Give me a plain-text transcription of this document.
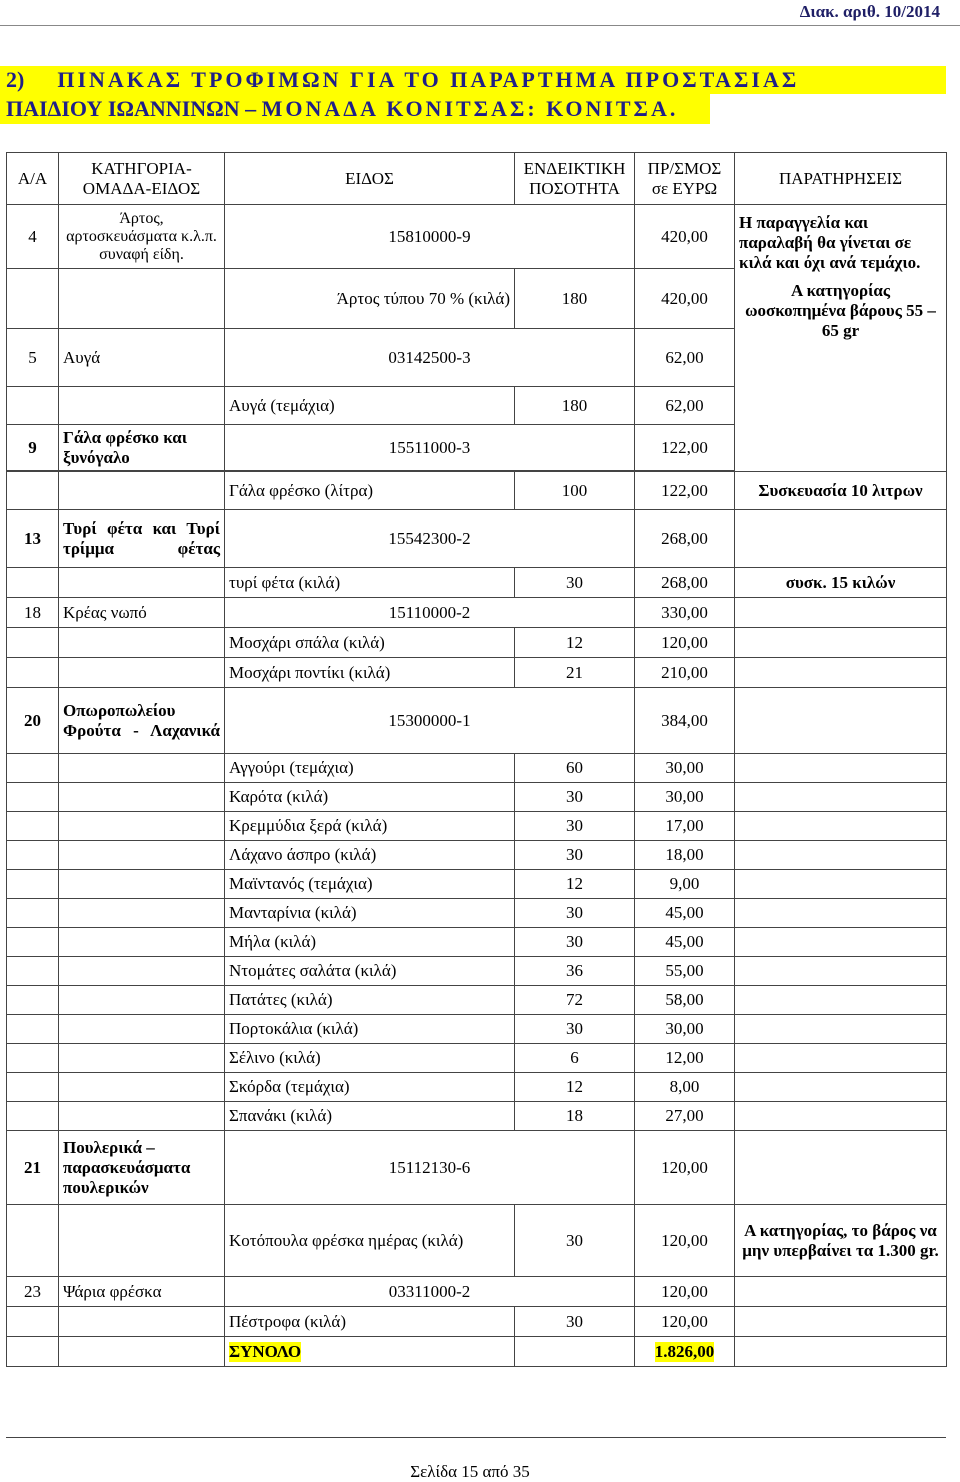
Διακ. αριθ. 10/2014
2) ΠΙΝΑΚΑΣ ΤΡΟΦΙΜΩΝ ΓΙΑ ΤΟ ΠΑΡΑΡΤΗΜΑ ΠΡΟΣΤΑΣΙΑΣ
ΠΑΙΔΙΟΥ ΙΩΑΝΝΙΝΩΝ – ΜΟΝΑΔΑ ΚΟΝΙΤΣΑΣ: ΚΟΝΙΤΣΑ.
Α/Α	ΚΑΤΗΓΟΡΙΑ-ΟΜΑΔΑ-ΕΙΔΟΣ	ΕΙΔΟΣ	ΕΝΔΕΙΚΤΙΚΗ ΠΟΣΟΤΗΤΑ	ΠΡ/ΣΜΟΣ σε ΕΥΡΩ	ΠΑΡΑΤΗΡΗΣΕΙΣ
4	Άρτος, αρτοσκευάσματα κ.λ.π. συναφή είδη.	15810000-9		420,00	Η παραγγελία και παραλαβή θα γίνεται σε κιλά και όχι ανά τεμάχιο.
Α κατηγορίας ωοσκοπημένα βάρους 55 – 65 gr

		Άρτος τύπου 70 % (κιλά)	180	420,00	
5	Αυγά	03142500-3		62,00	
		Αυγά (τεμάχια)	180	62,00	
9	Γάλα φρέσκο και ξυνόγαλο	15511000-3		122,00	

		Γάλα φρέσκο (λίτρα)	100	122,00	Συσκευασία 10 λιτρων
13	Τυρί φέτα και Τυρί τρίμμα φέτας	15542300-2		268,00	
		τυρί φέτα (κιλά)	30	268,00	συσκ. 15 κιλών
18	Κρέας νωπό	15110000-2		330,00	
		Μοσχάρι σπάλα (κιλά)	12	120,00	
		Μοσχάρι ποντίκι (κιλά)	21	210,00	
20	Οπωροπωλείου Φρούτα - Λαχανικά	15300000-1		384,00	
		Αγγούρι (τεμάχια)	60	30,00	
		Καρότα (κιλά)	30	30,00	
		Κρεμμύδια ξερά (κιλά)	30	17,00	
		Λάχανο άσπρο (κιλά)	30	18,00	
		Μαϊντανός (τεμάχια)	12	9,00	
		Μανταρίνια (κιλά)	30	45,00	
		Μήλα (κιλά)	30	45,00	
		Ντομάτες σαλάτα (κιλά)	36	55,00	
		Πατάτες (κιλά)	72	58,00	
		Πορτοκάλια (κιλά)	30	30,00	
		Σέλινο (κιλά)	6	12,00	
		Σκόρδα (τεμάχια)	12	8,00	
		Σπανάκι (κιλά)	18	27,00	
21	Πουλερικά – παρασκευάσματα πουλερικών	15112130-6		120,00	
		Κοτόπουλα φρέσκα ημέρας (κιλά)	30	120,00	Α κατηγορίας, το βάρος να μην υπερβαίνει τα 1.300 gr.
23	Ψάρια φρέσκα	03311000-2		120,00	
		Πέστροφα (κιλά)	30	120,00	
		ΣΥΝΟΛΟ		1.826,00	
Σελίδα 15 από 35
